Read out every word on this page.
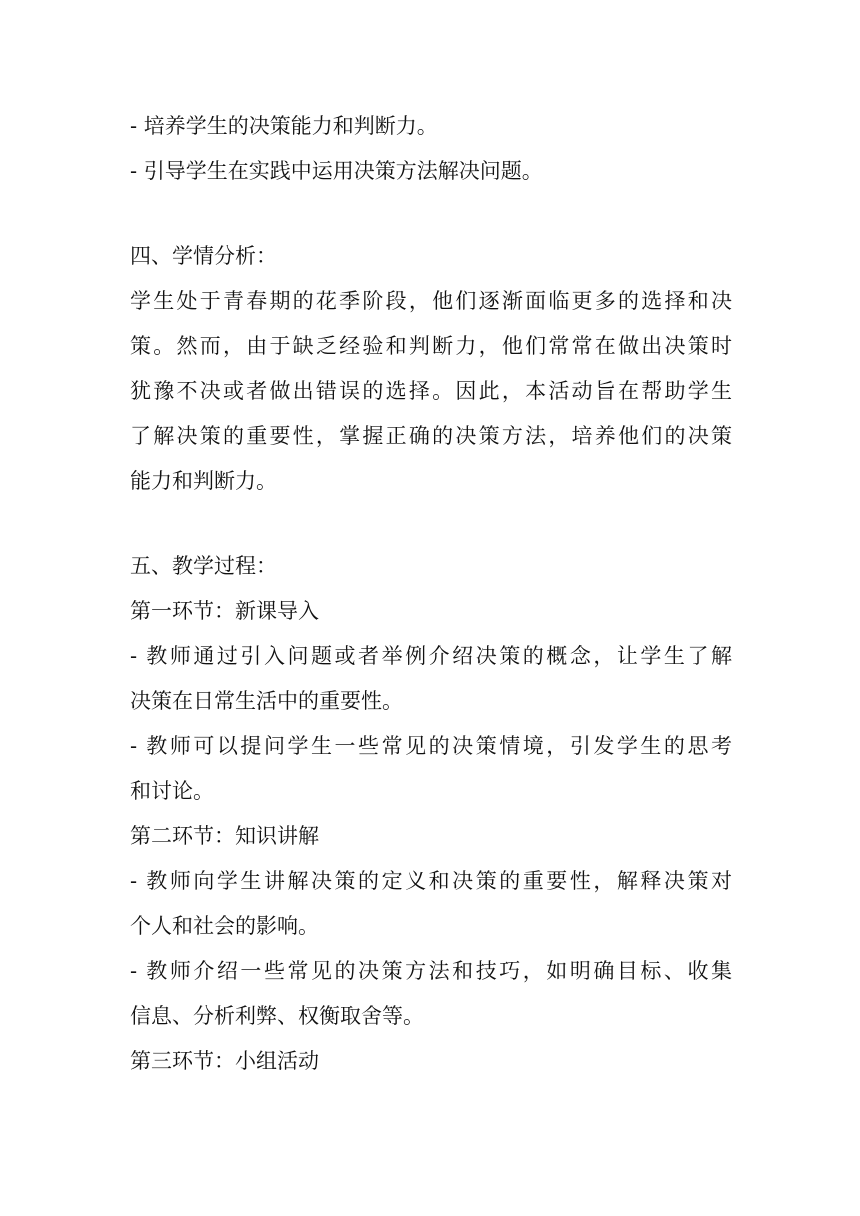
- 培养学生的决策能力和判断力。
- 引导学生在实践中运用决策方法解决问题。
四、学情分析：
学生处于青春期的花季阶段，他们逐渐面临更多的选择和决
策。然而，由于缺乏经验和判断力，他们常常在做出决策时
犹豫不决或者做出错误的选择。因此，本活动旨在帮助学生
了解决策的重要性，掌握正确的决策方法，培养他们的决策
能力和判断力。
五、教学过程：
第一环节：新课导入
- 教师通过引入问题或者举例介绍决策的概念，让学生了解
决策在日常生活中的重要性。
- 教师可以提问学生一些常见的决策情境，引发学生的思考
和讨论。
第二环节：知识讲解
- 教师向学生讲解决策的定义和决策的重要性，解释决策对
个人和社会的影响。
- 教师介绍一些常见的决策方法和技巧，如明确目标、收集
信息、分析利弊、权衡取舍等。
第三环节：小组活动
